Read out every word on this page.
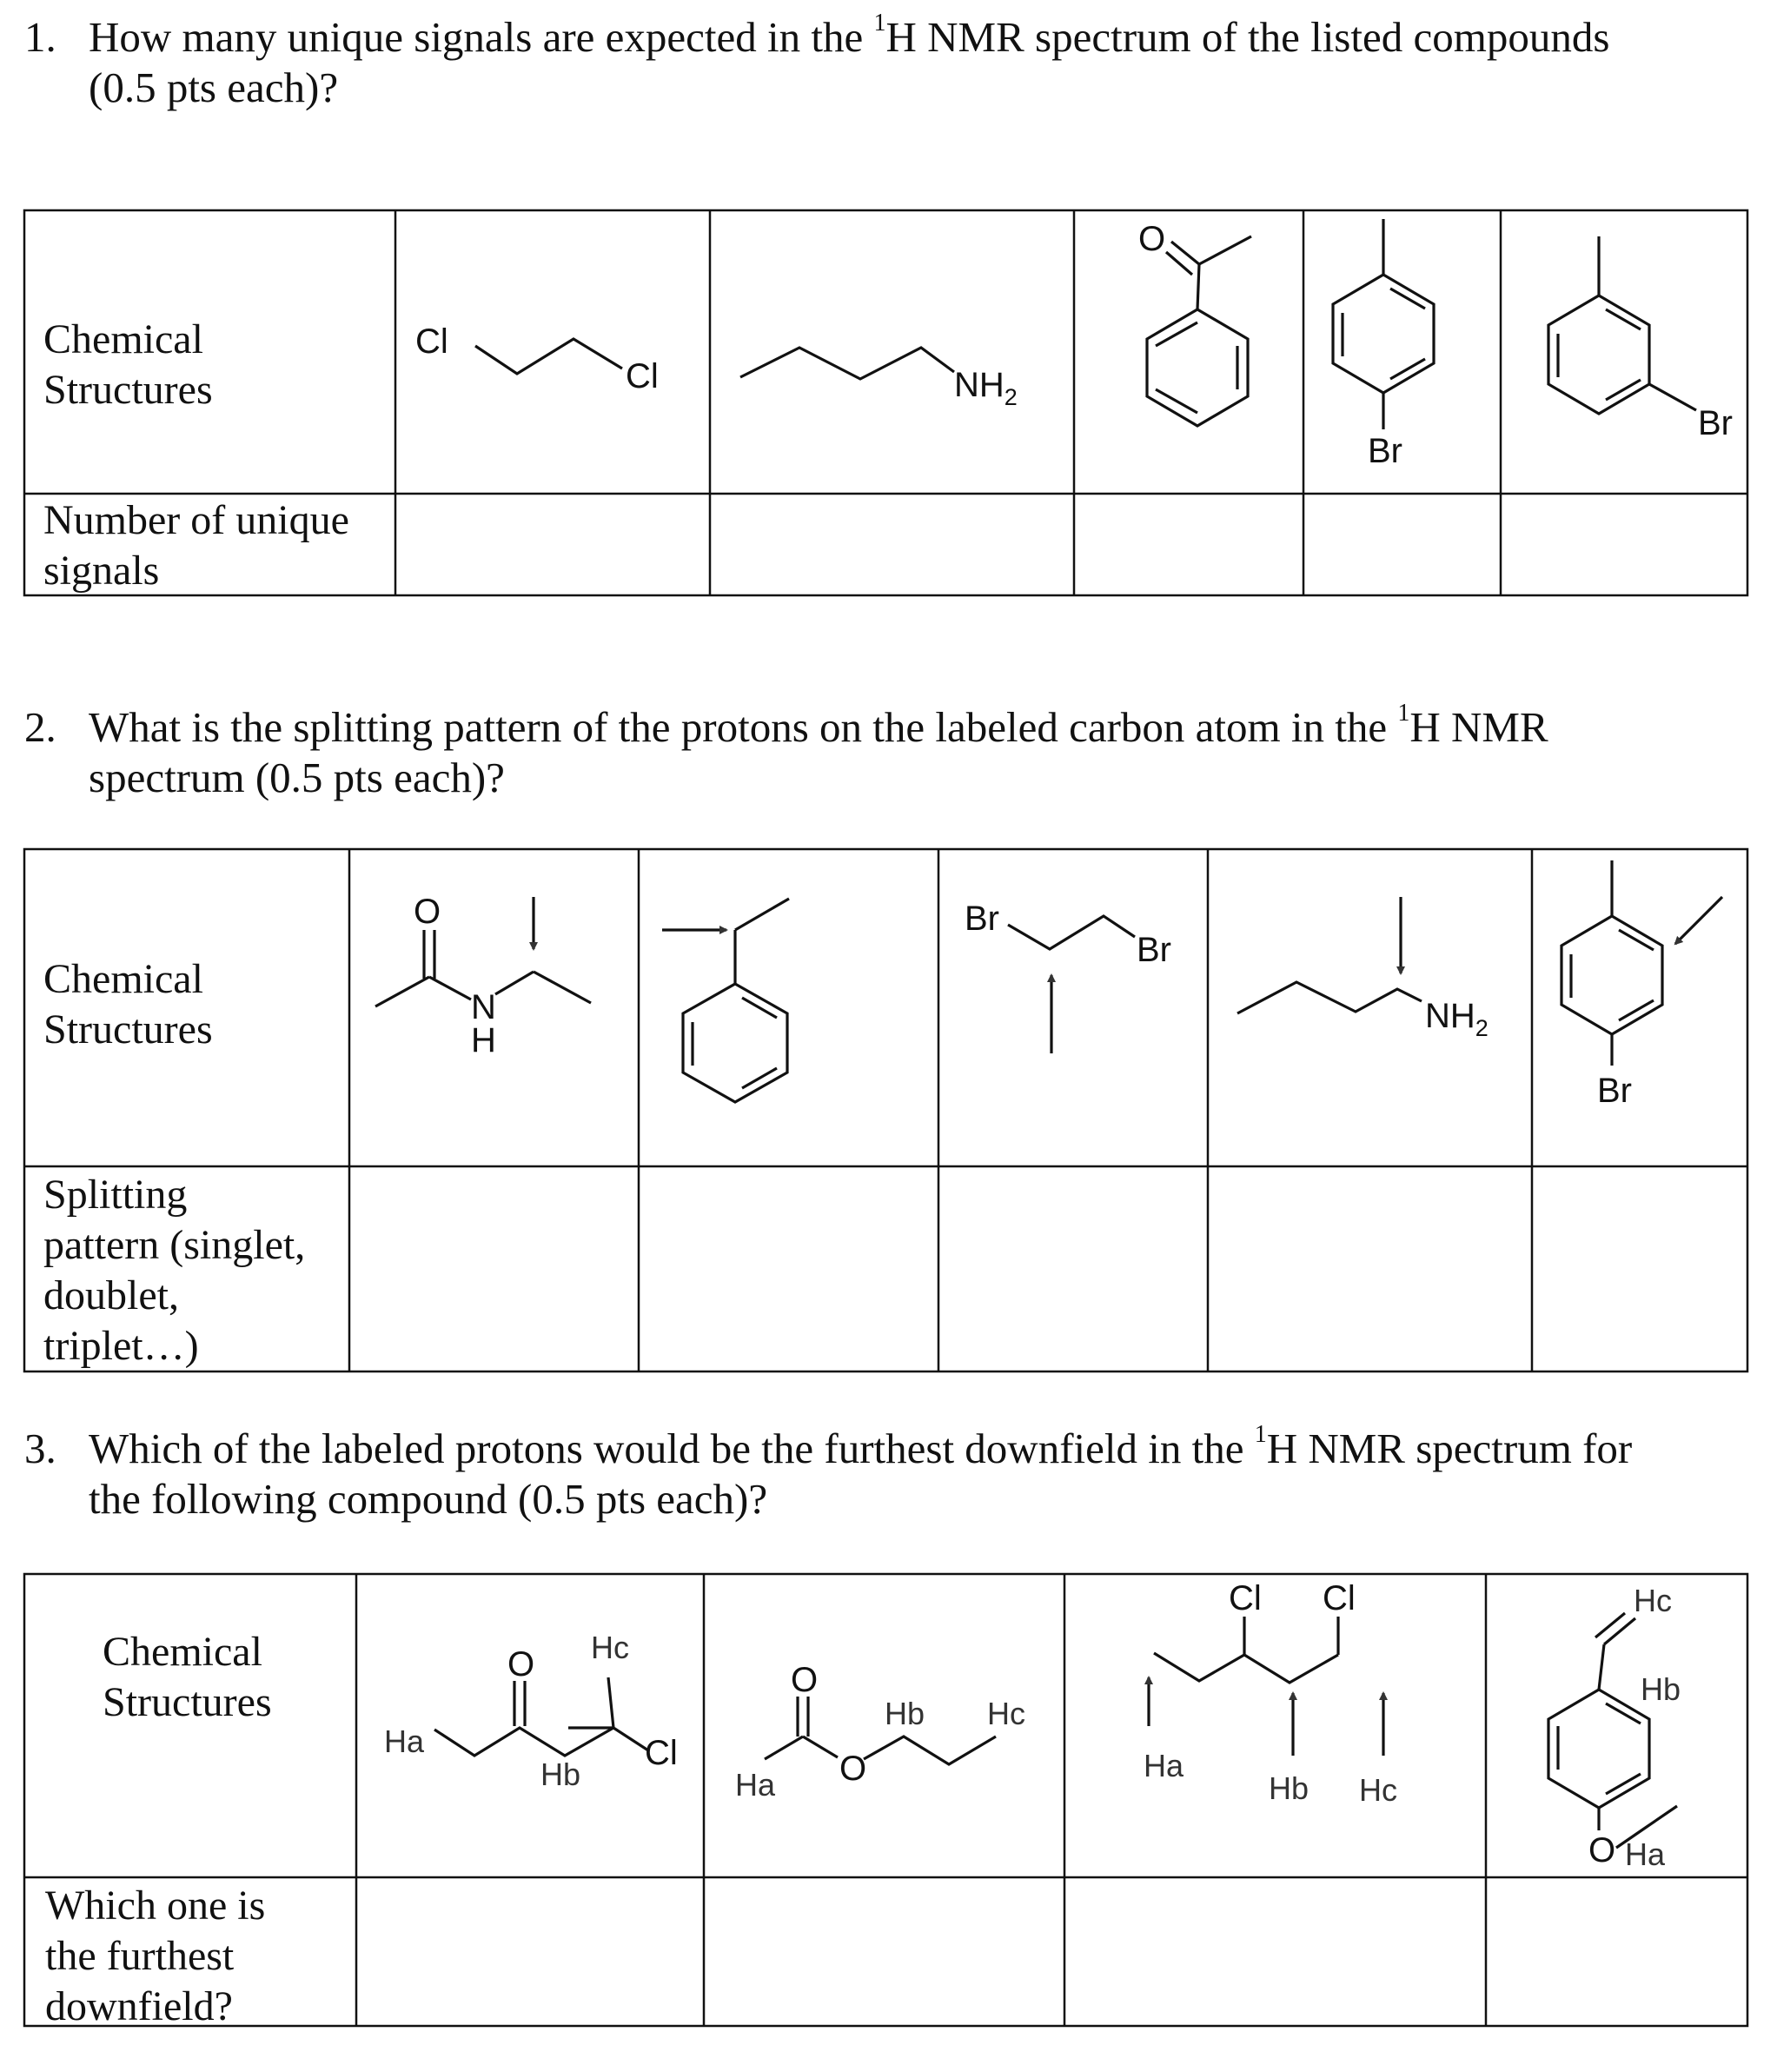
1. How many unique signals are expected in the $^1$H NMR spectrum of the listed compounds
(0.5 pts each)?
2. What is the splitting pattern of the protons on the labeled carbon atom in the $^1$H NMR
spectrum (0.5 pts each)?
3. Which of the labeled protons would be the furthest downfield in the $^1$H NMR spectrum for
the following compound (0.5 pts each)?
Chemical
Structures
Number of unique
signals
Chemical
Structures
Splitting
pattern (singlet,
doublet,
triplet…)
Chemical
Structures
Which one is
the furthest
downfield?
Cl
Cl	$NH_2$
O
Br
Br
O
N
H
Br
Br
$NH_2$
Br
Ha
O
Cl
Hc
Hb
O
O
Ha
Hb Hc
Cl Cl
Ha
Hb Hc
Hc
Hb
O Ha
